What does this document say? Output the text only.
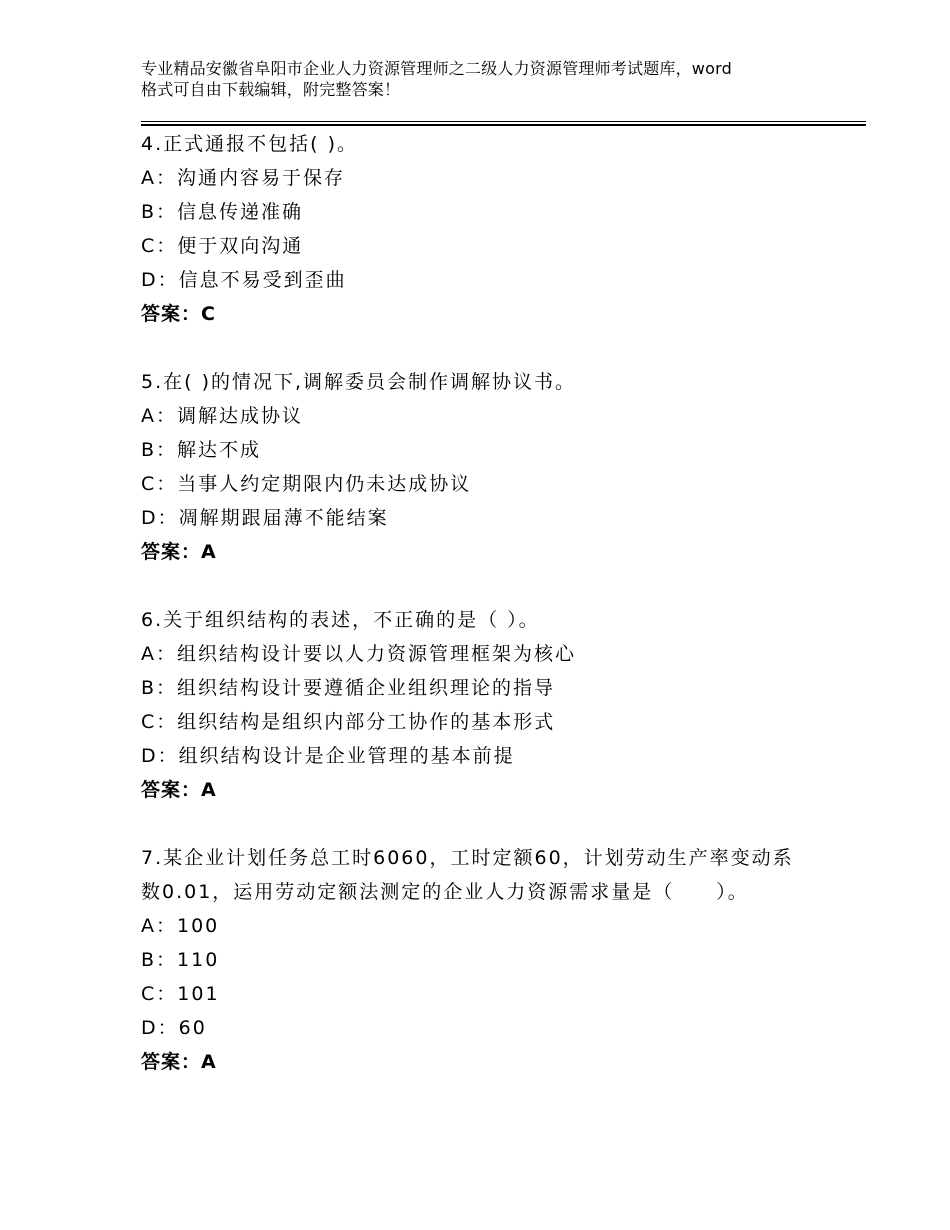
专业精品安徽省阜阳市企业人力资源管理师之二级人力资源管理师考试题库，word
格式可自由下载编辑，附完整答案！
4.正式通报不包括( )。
A：沟通内容易于保存
B：信息传递准确
C：便于双向沟通
D：信息不易受到歪曲
答案：C
5.在( )的情况下,调解委员会制作调解协议书。
A：调解达成协议
B：解达不成
C：当事人约定期限内仍未达成协议
D：凋解期跟届薄不能结案
答案：A
6.关于组织结构的表述，不正确的是（ ）。
A：组织结构设计要以人力资源管理框架为核心
B：组织结构设计要遵循企业组织理论的指导
C：组织结构是组织内部分工协作的基本形式
D：组织结构设计是企业管理的基本前提
答案：A
7.某企业计划任务总工时6060，工时定额60，计划劳动生产率变动系
数0.01，运用劳动定额法测定的企业人力资源需求量是（　　）。
A：100
B：110
C：101
D：60
答案：A
